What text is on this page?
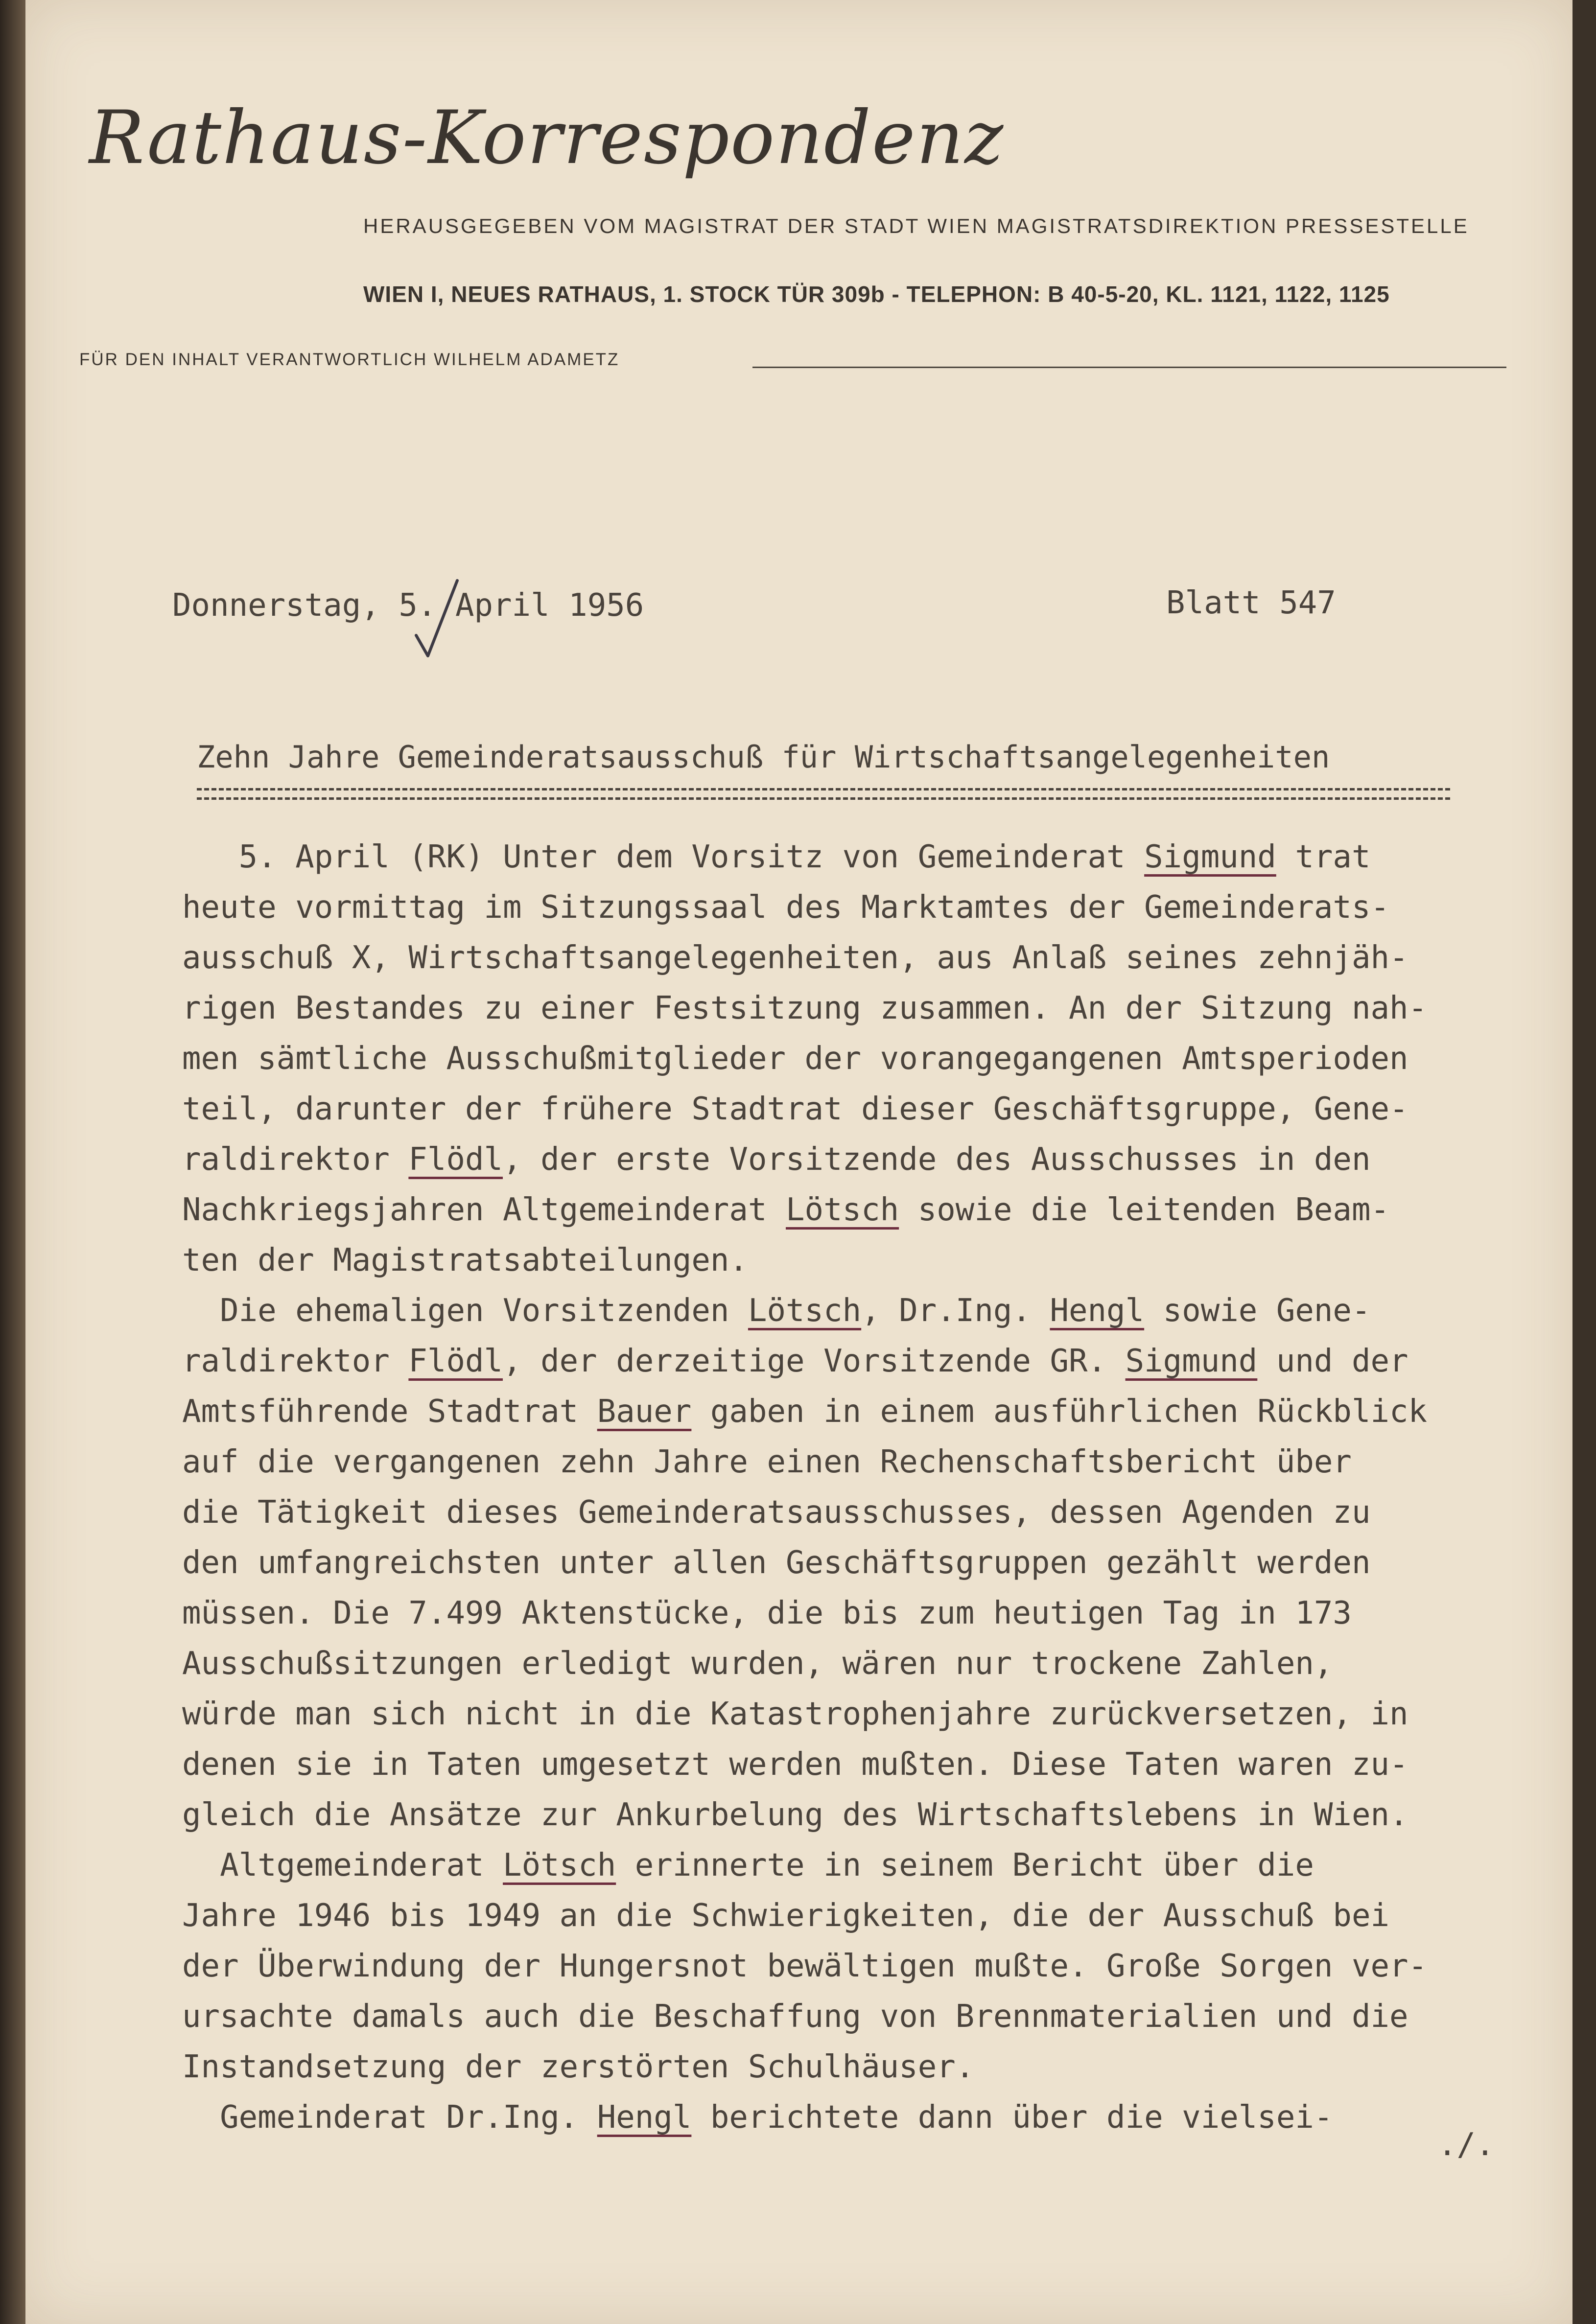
Rathaus-Korrespondenz
HERAUSGEGEBEN VOM MAGISTRAT DER STADT WIEN MAGISTRATSDIREKTION PRESSESTELLE
WIEN I, NEUES RATHAUS, 1. STOCK TÜR 309b - TELEPHON: B 40-5-20, KL. 1121, 1122, 1125
FÜR DEN INHALT VERANTWORTLICH WILHELM ADAMETZ
Donnerstag, 5. April 1956	Blatt 547
Zehn Jahre Gemeinderatsausschuß für Wirtschaftsangelegenheiten
5. April (RK) Unter dem Vorsitz von Gemeinderat Sigmund trat
heute vormittag im Sitzungssaal des Marktamtes der Gemeinderats-
ausschuß X, Wirtschaftsangelegenheiten, aus Anlaß seines zehnjäh-
rigen Bestandes zu einer Festsitzung zusammen. An der Sitzung nah-
men sämtliche Ausschußmitglieder der vorangegangenen Amtsperioden
teil, darunter der frühere Stadtrat dieser Geschäftsgruppe, Gene-
raldirektor Flödl, der erste Vorsitzende des Ausschusses in den
Nachkriegsjahren Altgemeinderat Lötsch sowie die leitenden Beam-
ten der Magistratsabteilungen.
Die ehemaligen Vorsitzenden Lötsch, Dr.Ing. Hengl sowie Gene-
raldirektor Flödl, der derzeitige Vorsitzende GR. Sigmund und der
Amtsführende Stadtrat Bauer gaben in einem ausführlichen Rückblick
auf die vergangenen zehn Jahre einen Rechenschaftsbericht über
die Tätigkeit dieses Gemeinderatsausschusses, dessen Agenden zu
den umfangreichsten unter allen Geschäftsgruppen gezählt werden
müssen. Die 7.499 Aktenstücke, die bis zum heutigen Tag in 173
Ausschußsitzungen erledigt wurden, wären nur trockene Zahlen,
würde man sich nicht in die Katastrophenjahre zurückversetzen, in
denen sie in Taten umgesetzt werden mußten. Diese Taten waren zu-
gleich die Ansätze zur Ankurbelung des Wirtschaftslebens in Wien.
Altgemeinderat Lötsch erinnerte in seinem Bericht über die
Jahre 1946 bis 1949 an die Schwierigkeiten, die der Ausschuß bei
der Überwindung der Hungersnot bewältigen mußte. Große Sorgen ver-
ursachte damals auch die Beschaffung von Brennmaterialien und die
Instandsetzung der zerstörten Schulhäuser.
Gemeinderat Dr.Ing. Hengl berichtete dann über die vielsei-
./.
